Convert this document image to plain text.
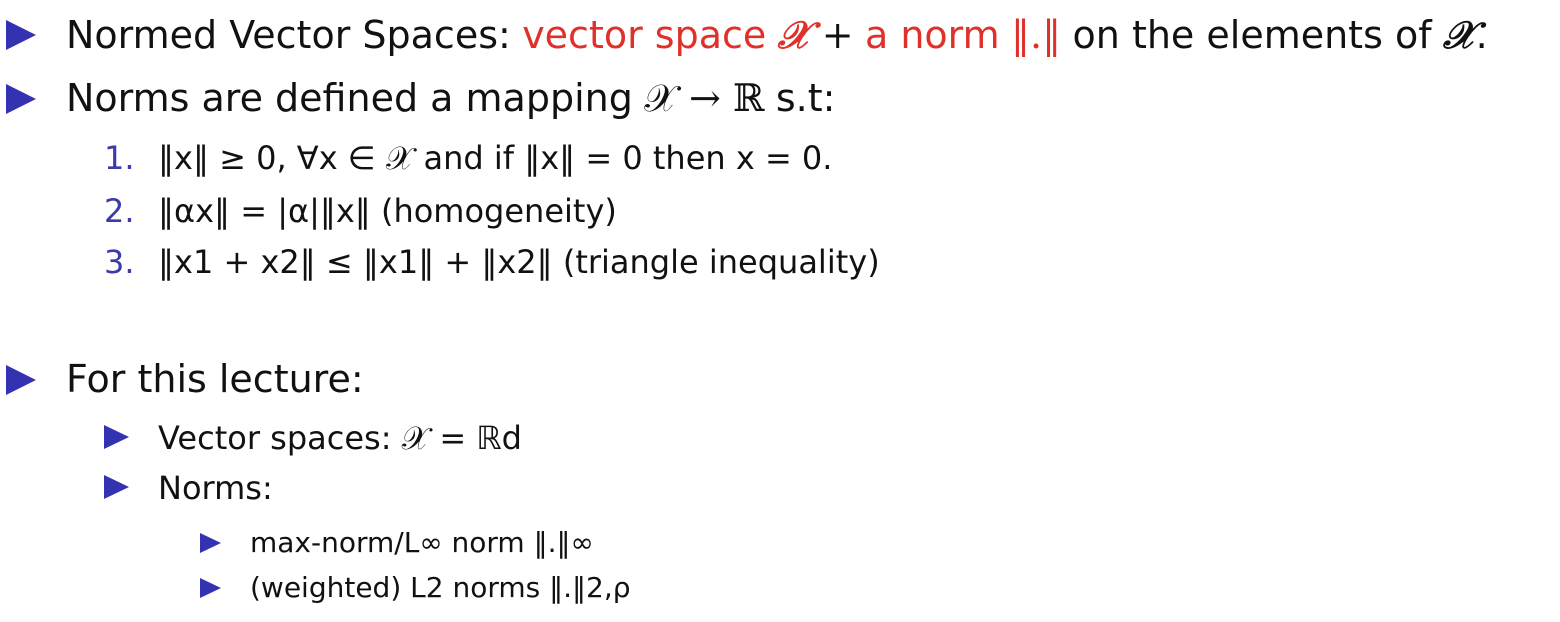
Normed Vector Spaces: vector space 𝒳 + a norm ‖.‖ on the elements of 𝒳 .
Norms are defined a mapping 𝒳 → ℝ s.t:
1. ‖x‖ ≥ 0, ∀x ∈ 𝒳 and if ‖x‖ = 0 then x = 0.
2. ‖αx‖ = |α|‖x‖ (homogeneity)
3. ‖x1 + x2‖ ≤ ‖x1‖ + ‖x2‖ (triangle inequality)
For this lecture:
Vector spaces: 𝒳 = ℝd
Norms:
max-norm/L∞ norm ‖.‖∞
(weighted) L2 norms ‖.‖2,ρ
